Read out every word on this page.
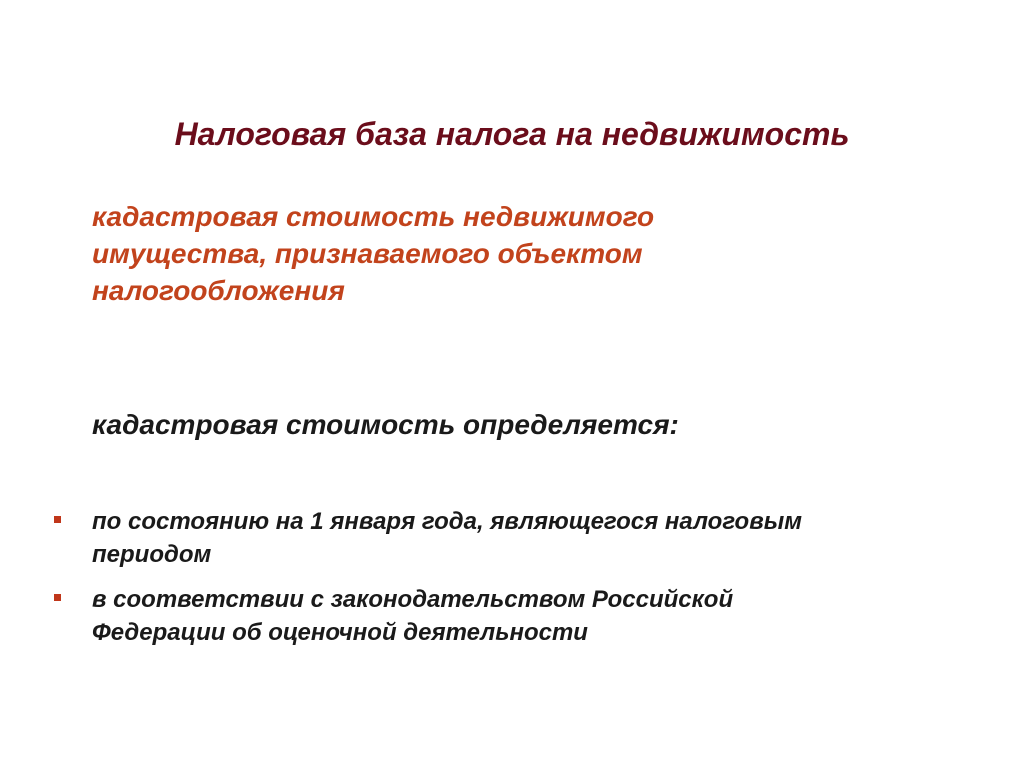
Налоговая база налога на недвижимость

кадастровая стоимость недвижимого
имущества, признаваемого объектом
налогообложения

кадастровая стоимость определяется:
по состоянию на 1 января года, являющегося налоговым
периодом
в соответствии с законодательством Российской
Федерации об оценочной деятельности
